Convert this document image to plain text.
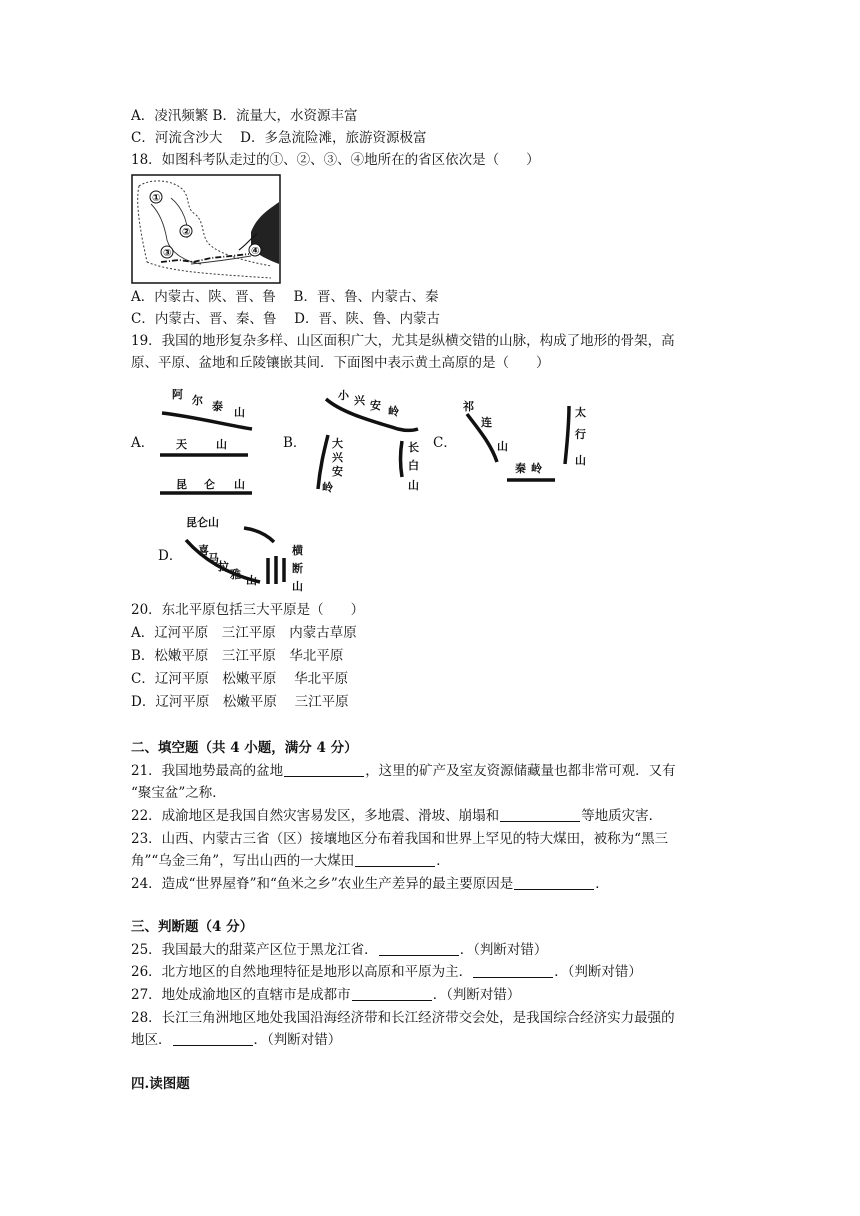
A．凌汛频繁 B．流量大，水资源丰富
C．河流含沙大　 D．多急流险滩，旅游资源极富
18．如图科考队走过的①、②、③、④地所在的省区依次是（　　）
①
②
③	④
A．内蒙古、陕、晋、鲁　 B．晋、鲁、内蒙古、秦
C．内蒙古、晋、秦、鲁　 D．晋、陕、鲁、内蒙古
19．我国的地形复杂多样、山区面积广大，尤其是纵横交错的山脉，构成了地形的骨架，高
原、平原、盆地和丘陵镶嵌其间．下面图中表示黄土高原的是（　　）
A．
阿 尔 泰 山
天	山
昆 仑 山
B．
小 兴 安 岭
大
兴
安
岭
长
白
山
C．
祁
连
山
太
行
山
秦 岭
D．
昆仑山
喜
马
拉
雅 山
横
断
山
20．东北平原包括三大平原是（　　）
A．辽河平原　三江平原　内蒙古草原
B．松嫩平原　三江平原　华北平原
C．辽河平原　松嫩平原　 华北平原
D．辽河平原　松嫩平原　 三江平原
二、填空题（共 4 小题，满分 4 分）
21．我国地势最高的盆地	，这里的矿产及室友资源储藏量也都非常可观．又有
“聚宝盆”之称．
22．成渝地区是我国自然灾害易发区，多地震、滑坡、崩塌和	等地质灾害．
23．山西、内蒙古三省（区）接壤地区分布着我国和世界上罕见的特大煤田，被称为“黑三
角”“乌金三角”，写出山西的一大煤田	．
24．造成“世界屋脊”和“鱼米之乡”农业生产差异的最主要原因是	．
三、判断题（4 分）
25．我国最大的甜菜产区位于黑龙江省．	．（判断对错）
26．北方地区的自然地理特征是地形以高原和平原为主．	．（判断对错）
27．地处成渝地区的直辖市是成都市	．（判断对错）
28．长江三角洲地区地处我国沿海经济带和长江经济带交会处，是我国综合经济实力最强的
地区．	．（判断对错）
四.读图题
